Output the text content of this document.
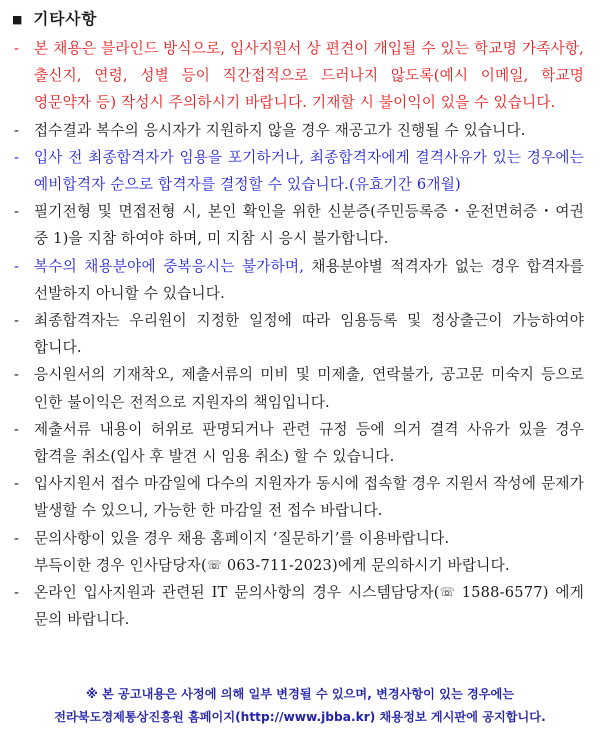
■ 기타사항
-	본 채용은 블라인드 방식으로, 입사지원서 상 편견이 개입될 수 있는 학교명 가족사항, 출신지, 연령, 성별 등이 직간접적으로 드러나지 않도록(예시 이메일, 학교명 영문약자 등) 작성시 주의하시기 바랍니다. 기재할 시 불이익이 있을 수 있습니다.
-	접수결과 복수의 응시자가 지원하지 않을 경우 재공고가 진행될 수 있습니다.
-	입사 전 최종합격자가 임용을 포기하거나, 최종합격자에게 결격사유가 있는 경우에는 예비합격자 순으로 합격자를 결정할 수 있습니다.(유효기간 6개월)
-	필기전형 및 면접전형 시, 본인 확인을 위한 신분증(주민등록증・운전면허증・여권 중 1)을 지참 하여야 하며, 미 지참 시 응시 불가합니다.
-	복수의 채용분야에 중복응시는 불가하며, 채용분야별 적격자가 없는 경우 합격자를 선발하지 아니할 수 있습니다.
-	최종합격자는 우리원이 지정한 일정에 따라 임용등록 및 정상출근이 가능하여야 합니다.
-	응시원서의 기재착오, 제출서류의 미비 및 미제출, 연락불가, 공고문 미숙지 등으로 인한 불이익은 전적으로 지원자의 책임입니다.
-	제출서류 내용이 허위로 판명되거나 관련 규정 등에 의거 결격 사유가 있을 경우 합격을 취소(입사 후 발견 시 임용 취소) 할 수 있습니다.
-	입사지원서 접수 마감일에 다수의 지원자가 동시에 접속할 경우 지원서 작성에 문제가 발생할 수 있으니, 가능한 한 마감일 전 접수 바랍니다.
-	문의사항이 있을 경우 채용 홈페이지 ‘질문하기’를 이용바랍니다.
부득이한 경우 인사담당자(☏ 063-711-2023)에게 문의하시기 바랍니다.
-	온라인 입사지원과 관련된 IT 문의사항의 경우 시스템담당자(☏ 1588-6577) 에게 문의 바랍니다.
※ 본 공고내용은 사정에 의해 일부 변경될 수 있으며, 변경사항이 있는 경우에는
전라북도경제통상진흥원 홈페이지(http://www.jbba.kr) 채용정보 게시판에 공지합니다.
